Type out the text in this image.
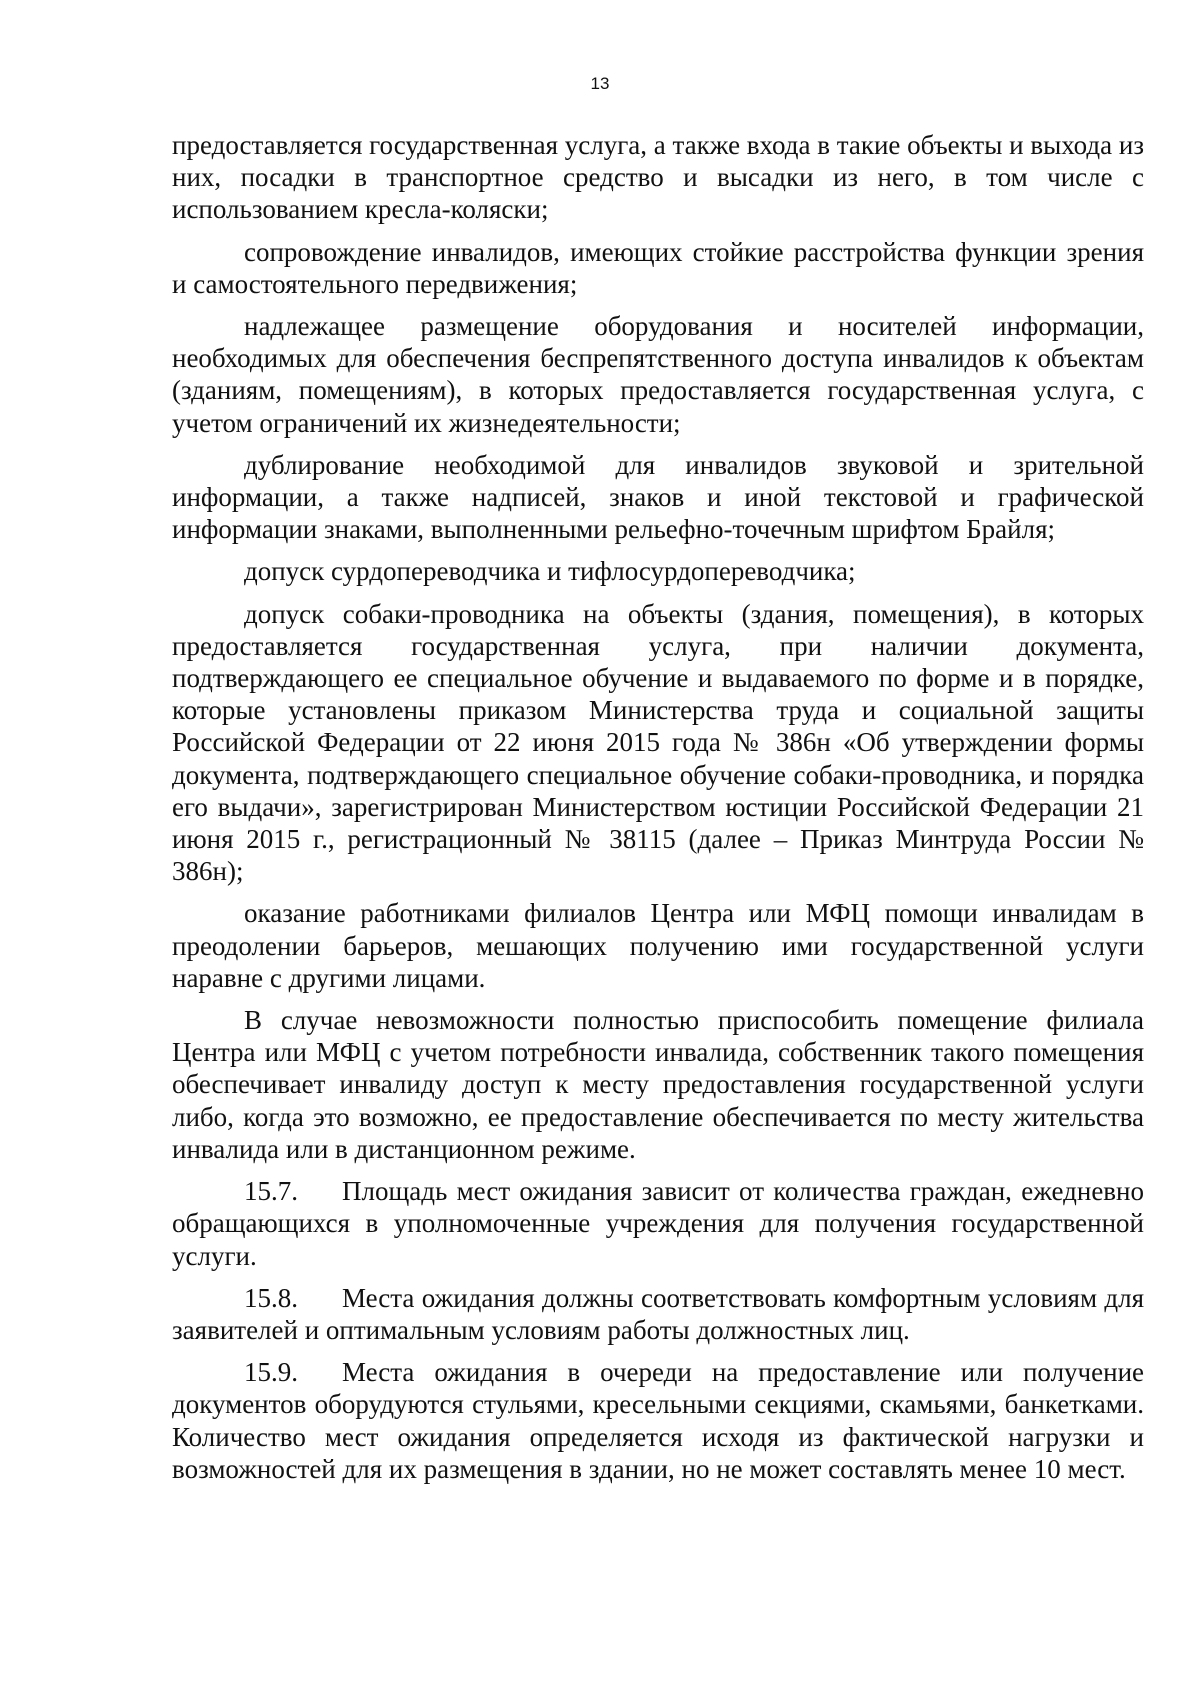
13

предоставляется государственная услуга, а также входа в такие объекты и выхода из них, посадки в транспортное средство и высадки из него, в том числе с использованием кресла-коляски;

сопровождение инвалидов, имеющих стойкие расстройства функции зрения и самостоятельного передвижения;

надлежащее размещение оборудования и носителей информации, необходимых для обеспечения беспрепятственного доступа инвалидов к объектам (зданиям, помещениям), в которых предоставляется государственная услуга, с учетом ограничений их жизнедеятельности;

дублирование необходимой для инвалидов звуковой и зрительной информации, а также надписей, знаков и иной текстовой и графической информации знаками, выполненными рельефно-точечным шрифтом Брайля;

допуск сурдопереводчика и тифлосурдопереводчика;

допуск собаки-проводника на объекты (здания, помещения), в которых предоставляется государственная услуга, при наличии документа, подтверждающего ее специальное обучение и выдаваемого по форме и в порядке, которые установлены приказом Министерства труда и социальной защиты Российской Федерации от 22 июня 2015 года № 386н «Об утверждении формы документа, подтверждающего специальное обучение собаки-проводника, и порядка его выдачи», зарегистрирован Министерством юстиции Российской Федерации 21 июня 2015 г., регистрационный № 38115 (далее – Приказ Минтруда России № 386н);

оказание работниками филиалов Центра или МФЦ помощи инвалидам в преодолении барьеров, мешающих получению ими государственной услуги наравне с другими лицами.

В случае невозможности полностью приспособить помещение филиала Центра или МФЦ с учетом потребности инвалида, собственник такого помещения обеспечивает инвалиду доступ к месту предоставления государственной услуги либо, когда это возможно, ее предоставление обеспечивается по месту жительства инвалида или в дистанционном режиме.

15.7. Площадь мест ожидания зависит от количества граждан, ежедневно обращающихся в уполномоченные учреждения для получения государственной услуги.

15.8. Места ожидания должны соответствовать комфортным условиям для заявителей и оптимальным условиям работы должностных лиц.

15.9. Места ожидания в очереди на предоставление или получение документов оборудуются стульями, кресельными секциями, скамьями, банкетками. Количество мест ожидания определяется исходя из фактической нагрузки и возможностей для их размещения в здании, но не может составлять менее 10 мест.
